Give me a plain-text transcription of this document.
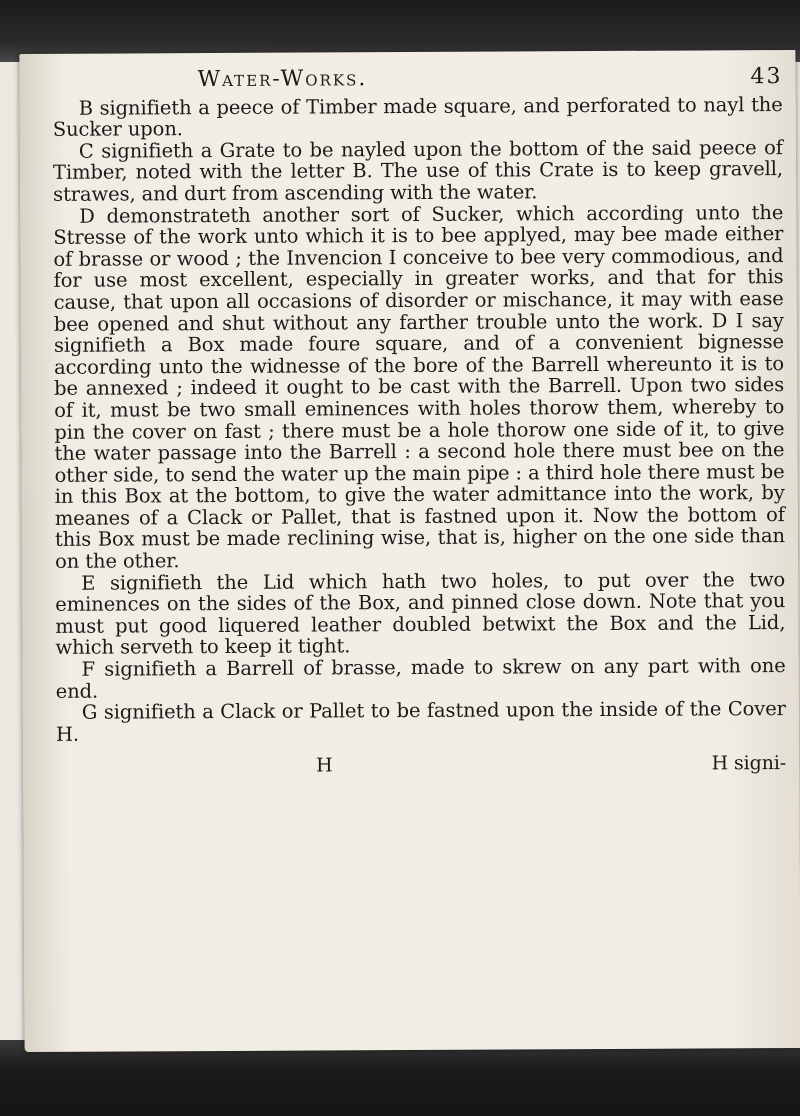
Water-Works.	43

B signifieth a peece of Timber made square, and perforated to nayl the Sucker upon.

C signifieth a Grate to be nayled upon the bottom of the said peece of Timber, noted with the letter B. The use of this Crate is to keep gravell, strawes, and durt from ascending with the water.

D demonstrateth another sort of Sucker, which according unto the Stresse of the work unto which it is to bee applyed, may bee made either of brasse or wood ; the Invencion I conceive to bee very commodious, and for use most excellent, especially in greater works, and that for this cause, that upon all occasions of disorder or mischance, it may with ease bee opened and shut without any farther trouble unto the work. D I say signifieth a Box made foure square, and of a convenient bignesse according unto the widnesse of the bore of the Barrell whereunto it is to be annexed ; indeed it ought to be cast with the Barrell. Upon two sides of it, must be two small eminences with holes thorow them, whereby to pin the cover on fast ; there must be a hole thorow one side of it, to give the water passage into the Barrell : a second hole there must bee on the other side, to send the water up the main pipe : a third hole there must be in this Box at the bottom, to give the water admittance into the work, by meanes of a Clack or Pallet, that is fastned upon it. Now the bottom of this Box must be made reclining wise, that is, higher on the one side than on the other.

E signifieth the Lid which hath two holes, to put over the two eminences on the sides of the Box, and pinned close down. Note that you must put good liquered leather doubled betwixt the Box and the Lid, which serveth to keep it tight.

F signifieth a Barrell of brasse, made to skrew on any part with one end.

G signifieth a Clack or Pallet to be fastned upon the inside of the Cover H.

H	H signi-
